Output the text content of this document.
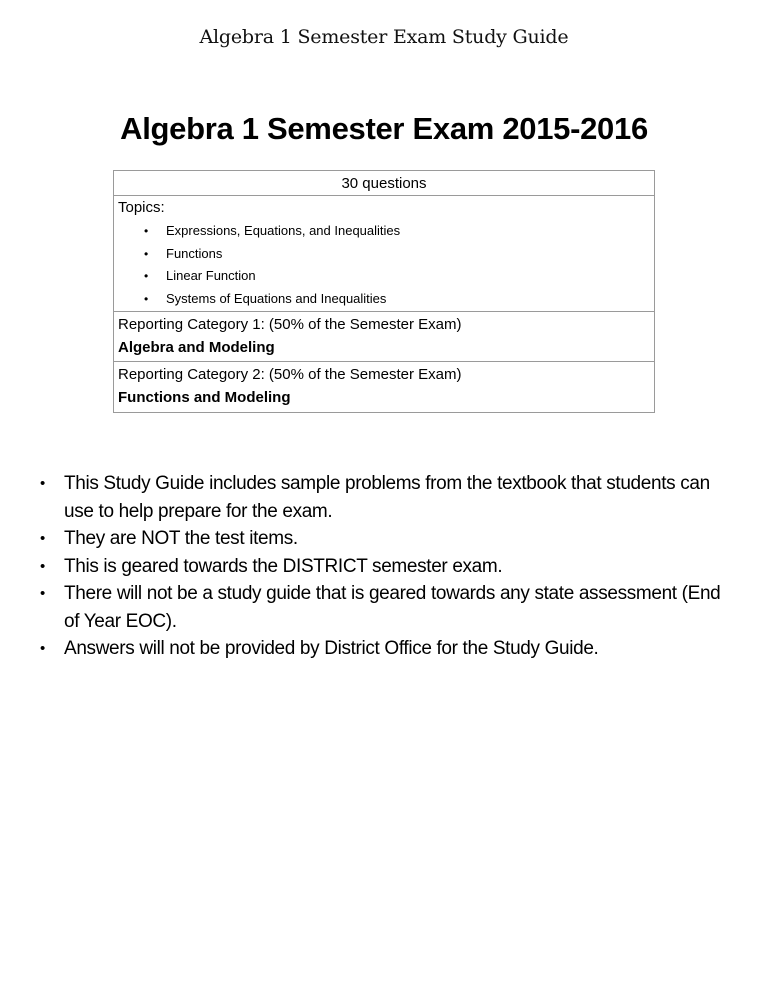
Algebra 1 Semester Exam Study Guide
Algebra 1 Semester Exam 2015-2016
30 questions
Topics:
• Expressions, Equations, and Inequalities
• Functions
• Linear Function
• Systems of Equations and Inequalities
Reporting Category 1: (50% of the Semester Exam)
Algebra and Modeling
Reporting Category 2: (50% of the Semester Exam)
Functions and Modeling
• This Study Guide includes sample problems from the textbook that students can use to help prepare for the exam.
• They are NOT the test items.
• This is geared towards the DISTRICT semester exam.
• There will not be a study guide that is geared towards any state assessment (End of Year EOC).
• Answers will not be provided by District Office for the Study Guide.
